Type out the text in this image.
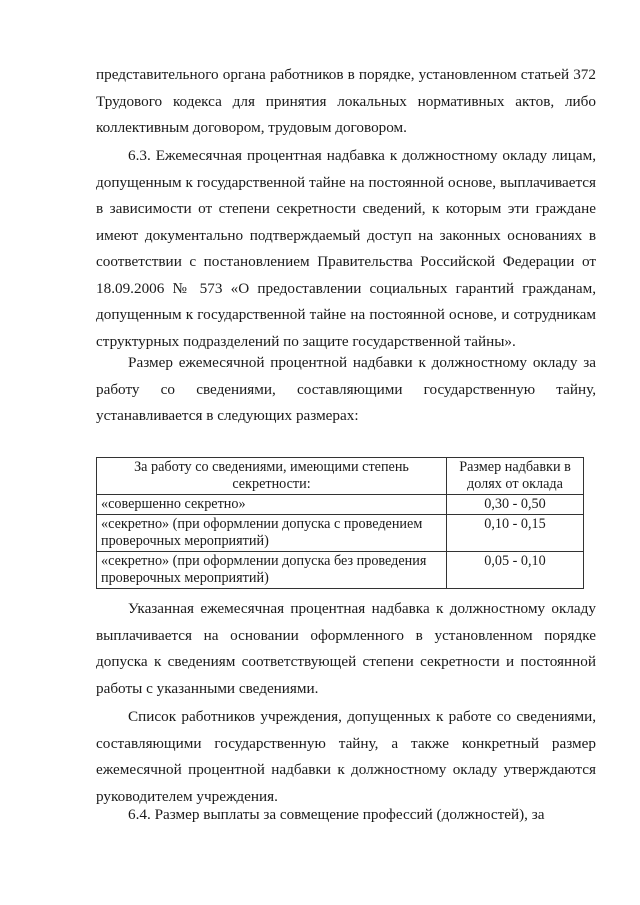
представительного органа работников в порядке, установленном статьей 372 Трудового кодекса для принятия локальных нормативных актов, либо коллективным договором, трудовым договором.

6.3. Ежемесячная процентная надбавка к должностному окладу лицам, допущенным к государственной тайне на постоянной основе, выплачивается в зависимости от степени секретности сведений, к которым эти граждане имеют документально подтверждаемый доступ на законных основаниях в соответствии с постановлением Правительства Российской Федерации от 18.09.2006 № 573 «О предоставлении социальных гарантий гражданам, допущенным к государственной тайне на постоянной основе, и сотрудникам структурных подразделений по защите государственной тайны».

Размер ежемесячной процентной надбавки к должностному окладу за работу со сведениями, составляющими государственную тайну, устанавливается в следующих размерах:

За работу со сведениями, имеющими степень секретности:	Размер надбавки в долях от оклада
«совершенно секретно»	0,30 - 0,50
«секретно» (при оформлении допуска с проведением проверочных мероприятий)	0,10 - 0,15
«секретно» (при оформлении допуска без проведения проверочных мероприятий)	0,05 - 0,10

Указанная ежемесячная процентная надбавка к должностному окладу выплачивается на основании оформленного в установленном порядке допуска к сведениям соответствующей степени секретности и постоянной работы с указанными сведениями.

Список работников учреждения, допущенных к работе со сведениями, составляющими государственную тайну, а также конкретный размер ежемесячной процентной надбавки к должностному окладу утверждаются руководителем учреждения.

6.4. Размер выплаты за совмещение профессий (должностей), за
